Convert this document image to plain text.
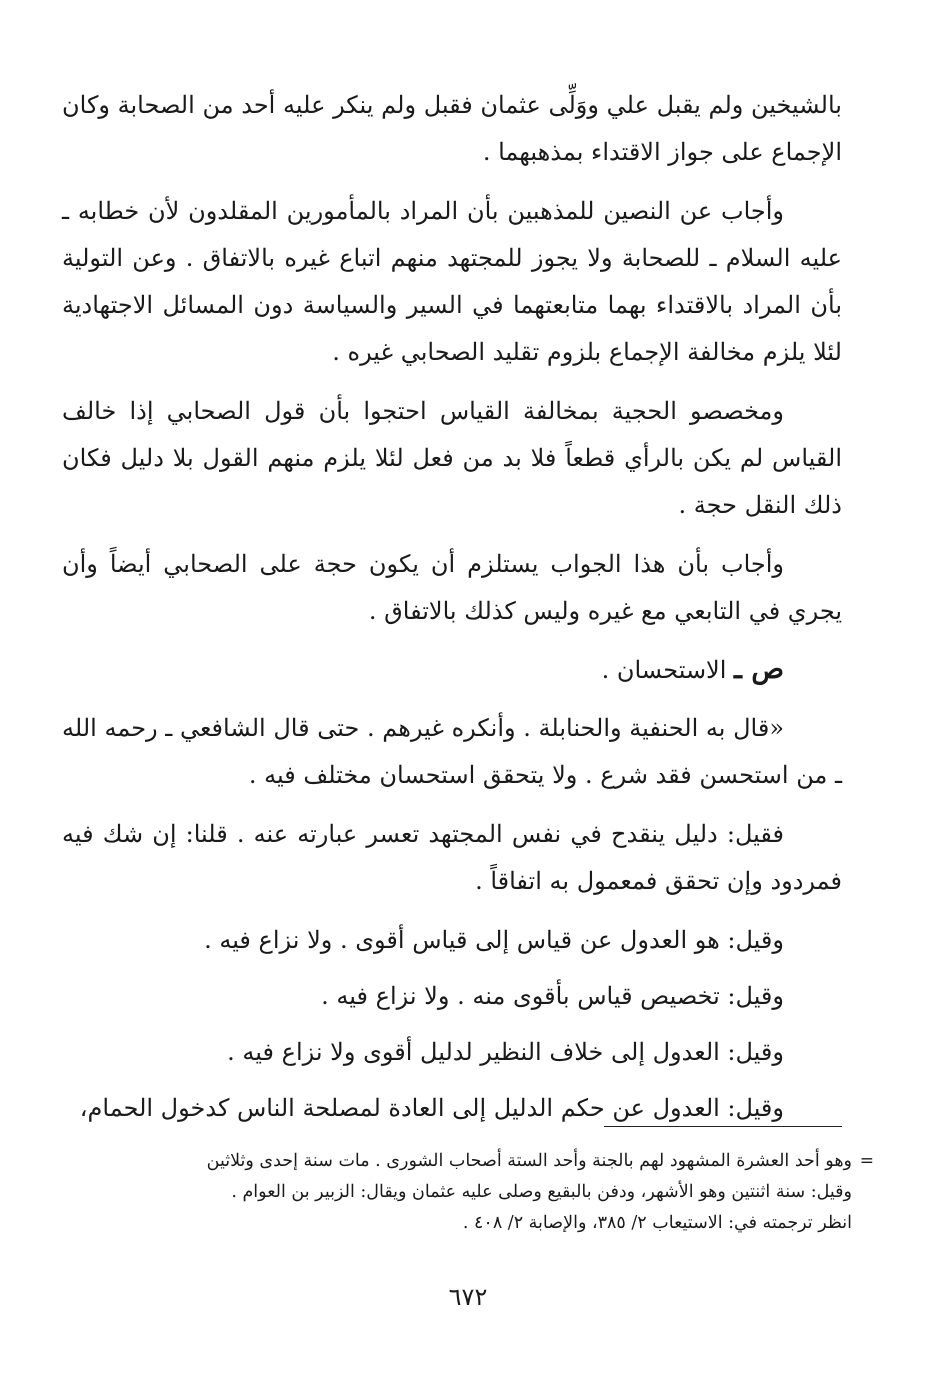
بالشيخين ولم يقبل علي ووَلِّى عثمان فقبل ولم ينكر عليه أحد من الصحابة وكان الإجماع على جواز الاقتداء بمذهبهما .

وأجاب عن النصين للمذهبين بأن المراد بالمأمورين المقلدون لأن خطابه ـ عليه السلام ـ للصحابة ولا يجوز للمجتهد منهم اتباع غيره بالاتفاق . وعن التولية بأن المراد بالاقتداء بهما متابعتهما في السير والسياسة دون المسائل الاجتهادية لئلا يلزم مخالفة الإجماع بلزوم تقليد الصحابي غيره .

ومخصصو الحجية بمخالفة القياس احتجوا بأن قول الصحابي إذا خالف القياس لم يكن بالرأي قطعاً فلا بد من فعل لئلا يلزم منهم القول بلا دليل فكان ذلك النقل حجة .

وأجاب بأن هذا الجواب يستلزم أن يكون حجة على الصحابي أيضاً وأن يجري في التابعي مع غيره وليس كذلك بالاتفاق .

ص ـ الاستحسان .

«قال به الحنفية والحنابلة . وأنكره غيرهم . حتى قال الشافعي ـ رحمه الله ـ من استحسن فقد شرع . ولا يتحقق استحسان مختلف فيه .

فقيل: دليل ينقدح في نفس المجتهد تعسر عبارته عنه . قلنا: إن شك فيه فمردود وإن تحقق فمعمول به اتفاقاً .

وقيل: هو العدول عن قياس إلى قياس أقوى . ولا نزاع فيه .

وقيل: تخصيص قياس بأقوى منه . ولا نزاع فيه .

وقيل: العدول إلى خلاف النظير لدليل أقوى ولا نزاع فيه .

وقيل: العدول عن حكم الدليل إلى العادة لمصلحة الناس كدخول الحمام،

=
وهو أحد العشرة المشهود لهم بالجنة وأحد الستة أصحاب الشورى . مات سنة إحدى وثلاثين

وقيل: سنة اثنتين وهو الأشهر، ودفن بالبقيع وصلى عليه عثمان ويقال: الزبير بن العوام .

انظر ترجمته في: الاستيعاب ٢/ ٣٨٥، والإصابة ٢/ ٤٠٨ .

٦٧٢
